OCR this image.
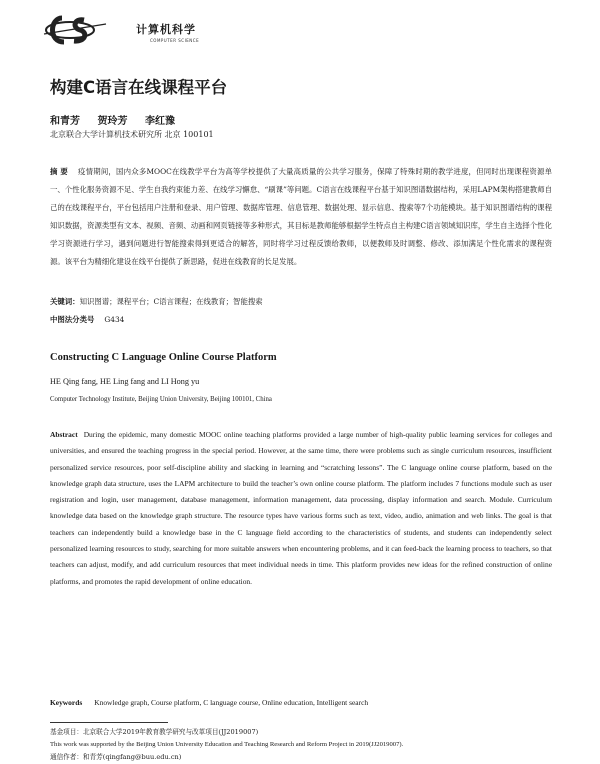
计算机科学
COMPUTER SCIENCE
构建C语言在线课程平台
和青芳 贺玲芳 李红豫
北京联合大学计算机技术研究所 北京 100101
摘 要 疫情期间，国内众多MOOC在线教学平台为高等学校提供了大量高质量的公共学习服务，保障了特殊时期的教学进度，但同时出现课程资源单一、个性化服务资源不足、学生自我约束能力差、在线学习懈怠、“刷课”等问题。C语言在线课程平台基于知识图谱数据结构，采用LAPM架构搭建教师自己的在线课程平台，平台包括用户注册和登录、用户管理、数据库管理、信息管理、数据处理、显示信息、搜索等7个功能模块。基于知识图谱结构的课程知识数据，资源类型有文本、视频、音频、动画和网页链接等多种形式，其目标是教师能够根据学生特点自主构建C语言领域知识库，学生自主选择个性化学习资源进行学习，遇到问题进行智能搜索得到更适合的解答，同时将学习过程反馈给教师，以便教师及时调整、修改、添加满足个性化需求的课程资源。该平台为精细化建设在线平台提供了新思路，促进在线教育的长足发展。
关键词：知识图谱；课程平台；C语言课程；在线教育；智能搜索
中图法分类号 G434
Constructing C Language Online Course Platform
HE Qing fang, HE Ling fang and LI Hong yu
Computer Technology Institute, Beijing Union University, Beijing 100101, China
Abstract During the epidemic, many domestic MOOC online teaching platforms provided a large number of high-quality public learning services for colleges and universities, and ensured the teaching progress in the special period. However, at the same time, there were problems such as single curriculum resources, insufficient personalized service resources, poor self-discipline ability and slacking in learning and “scratching lessons”. The C language online course platform, based on the knowledge graph data structure, uses the LAPM architecture to build the teacher’s own online course platform. The platform includes 7 functions module such as user registration and login, user management, database management, information management, data processing, display information and search. Module. Curriculum knowledge data based on the knowledge graph structure. The resource types have various forms such as text, video, audio, animation and web links. The goal is that teachers can independently build a knowledge base in the C language field according to the characteristics of students, and students can independently select personalized learning resources to study, searching for more suitable answers when encountering problems, and it can feed-back the learning process to teachers, so that teachers can adjust, modify, and add curriculum resources that meet individual needs in time. This platform provides new ideas for the refined construction of online platforms, and promotes the rapid development of online education.
Keywords Knowledge graph, Course platform, C language course, Online education, Intelligent search
基金项目：北京联合大学2019年教育教学研究与改革项目(JJ2019007)
This work was supported by the Beijing Union University Education and Teaching Research and Reform Project in 2019(JJ2019007).
通信作者：和青芳(qingfang@buu.edu.cn)
